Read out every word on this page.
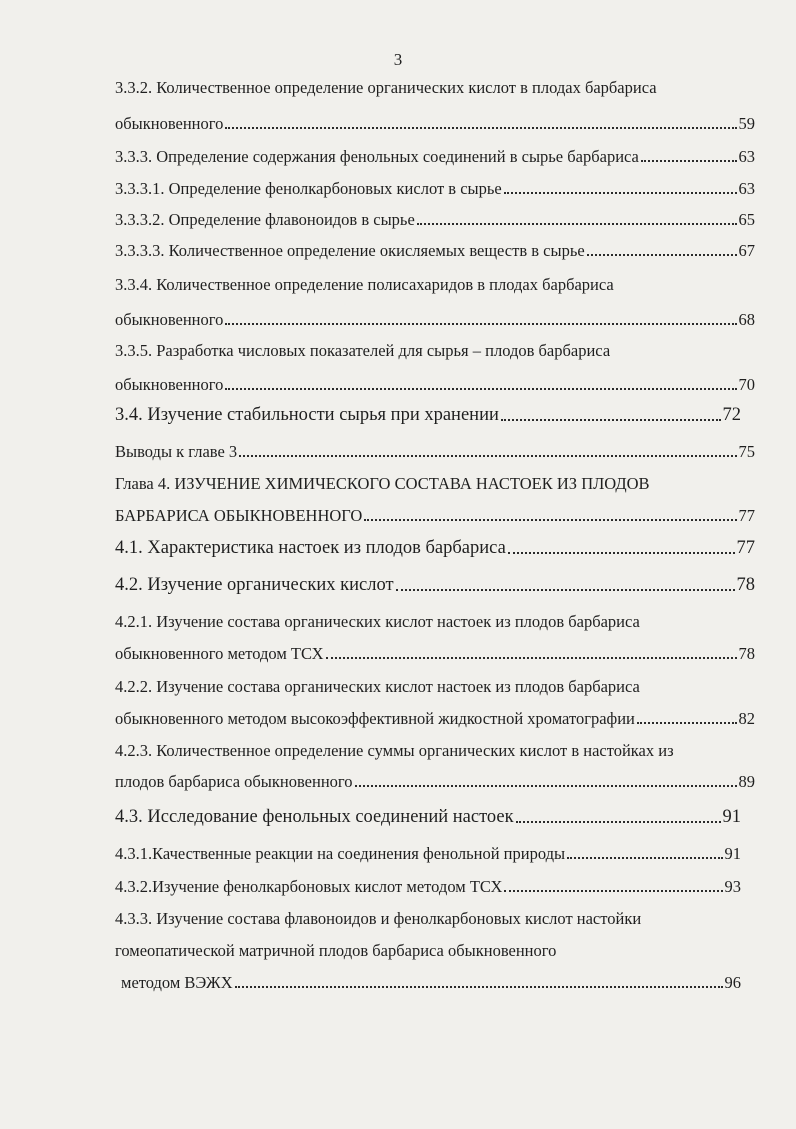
3
3.3.2. Количественное определение органических кислот в плодах барбариса
обыкновенного	59
3.3.3. Определение содержания фенольных соединений в сырье барбариса	63
3.3.3.1. Определение фенолкарбоновых кислот в сырье	63
3.3.3.2. Определение флавоноидов в сырье	65
3.3.3.3. Количественное определение окисляемых веществ в сырье	67
3.3.4. Количественное определение полисахаридов в плодах барбариса
обыкновенного	68
3.3.5. Разработка числовых показателей для сырья – плодов барбариса
обыкновенного	70
3.4. Изучение стабильности сырья при хранении	72
Выводы к главе 3	75
Глава 4. ИЗУЧЕНИЕ ХИМИЧЕСКОГО СОСТАВА НАСТОЕК ИЗ ПЛОДОВ
БАРБАРИСА ОБЫКНОВЕННОГО	77
4.1. Характеристика настоек из плодов барбариса	77
4.2. Изучение органических кислот	78
4.2.1. Изучение состава органических кислот настоек из плодов барбариса
обыкновенного методом ТСХ	78
4.2.2. Изучение состава органических кислот настоек из плодов барбариса
обыкновенного методом высокоэффективной жидкостной хроматографии	82
4.2.3. Количественное определение суммы органических кислот в настойках из
плодов барбариса обыкновенного	89
4.3. Исследование фенольных соединений настоек	91
4.3.1.Качественные реакции на соединения фенольной природы	91
4.3.2.Изучение фенолкарбоновых кислот методом ТСХ	93
4.3.3. Изучение состава флавоноидов и фенолкарбоновых кислот настойки
гомеопатической матричной плодов барбариса обыкновенного
методом ВЭЖХ	96
